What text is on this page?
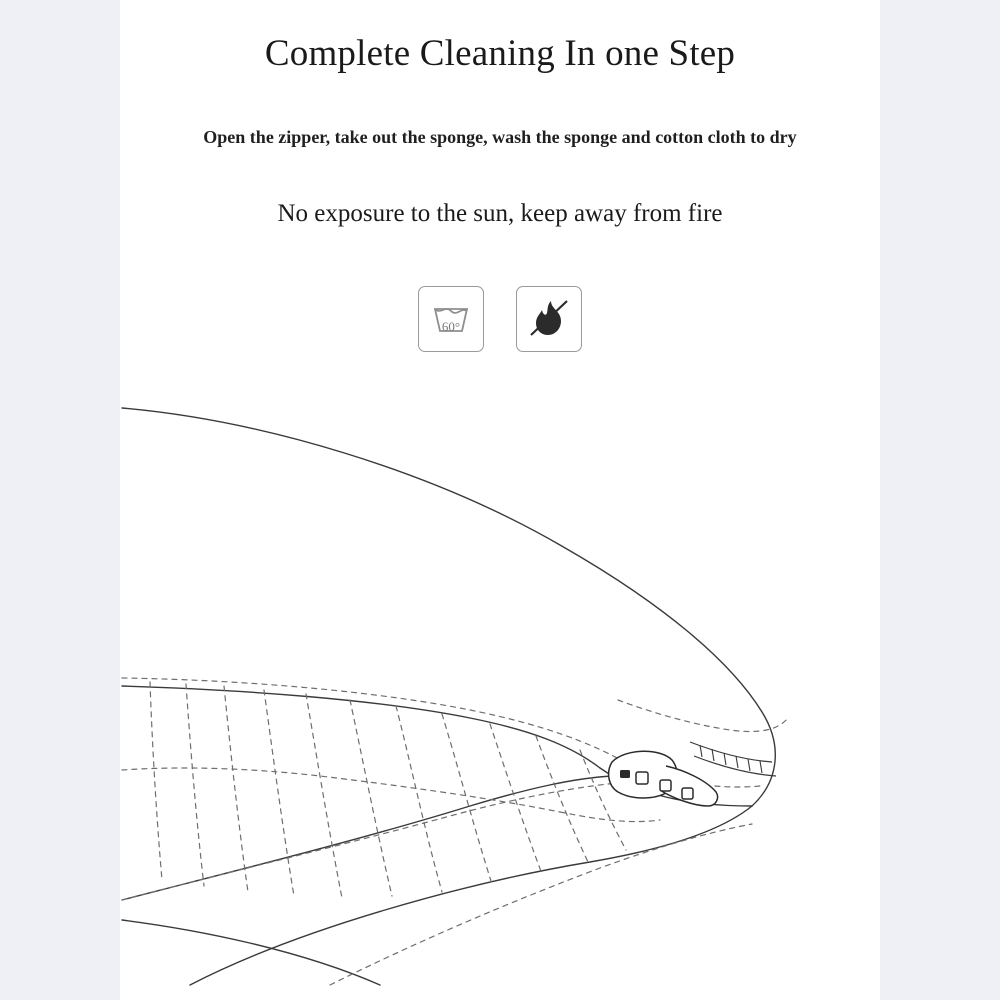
Complete Cleaning In one Step
Open the zipper, take out the sponge, wash the sponge and cotton cloth to dry
No exposure to the sun, keep away from fire
60°
